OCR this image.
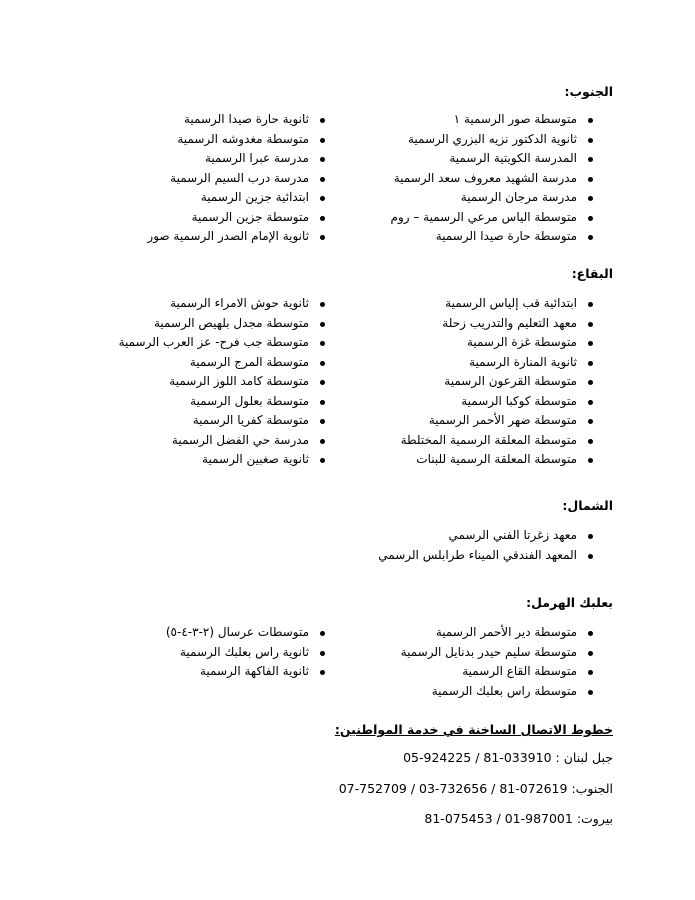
الجنوب:
متوسطة صور الرسمية ١
ثانوية الدكتور نزيه البزري الرسمية
المدرسة الكويتية الرسمية
مدرسة الشهيد معروف سعد الرسمية
مدرسة مرجان الرسمية
متوسطة الياس مرعي الرسمية – روم
متوسطة حارة صيدا الرسمية
ثانوية حارة صيدا الرسمية
متوسطة مغدوشه الرسمية
مدرسة عبرا الرسمية
مدرسة درب السيم الرسمية
ابتدائية جزين الرسمية
متوسطة جزين الرسمية
ثانوية الإمام الصدر الرسمية صور
البقاع:
ابتدائية قب إلياس الرسمية
معهد التعليم والتدريب زحلة
متوسطة غزة الرسمية
ثانوية المنارة الرسمية
متوسطة القرعون الرسمية
متوسطة كوكبا الرسمية
متوسطة ضهر الأحمر الرسمية
متوسطة المعلقة الرسمية المختلطة
متوسطة المعلقة الرسمية للبنات
ثانوية حوش الامراء الرسمية
متوسطة مجدل بلهيص الرسمية
متوسطة جب فرح- عز العرب الرسمية
متوسطة المرج الرسمية
متوسطة كامد اللوز الرسمية
متوسطة بعلول الرسمية
متوسطة كفريا الرسمية
مدرسة حي الفضل الرسمية
ثانوية صغبين الرسمية
الشمال:
معهد زغرتا الفني الرسمي
المعهد الفندقي الميناء طرابلس الرسمي
بعلبك الهرمل:
متوسطة دير الأحمر الرسمية
متوسطة سليم حيدر بدنايل الرسمية
متوسطة القاع الرسمية
متوسطة راس بعلبك الرسمية
متوسطات عرسال (٢-٣-٤-٥)
ثانوية راس بعلبك الرسمية
ثانوية الفاكهة الرسمية
خطوط الاتصال الساخنة في خدمة المواطنين:
جبل لبنان : 05-924225 / 81-033910
الجنوب: 07-752709 / 03-732656 / 81-072619
بيروت: 81-075453 / 01-987001
